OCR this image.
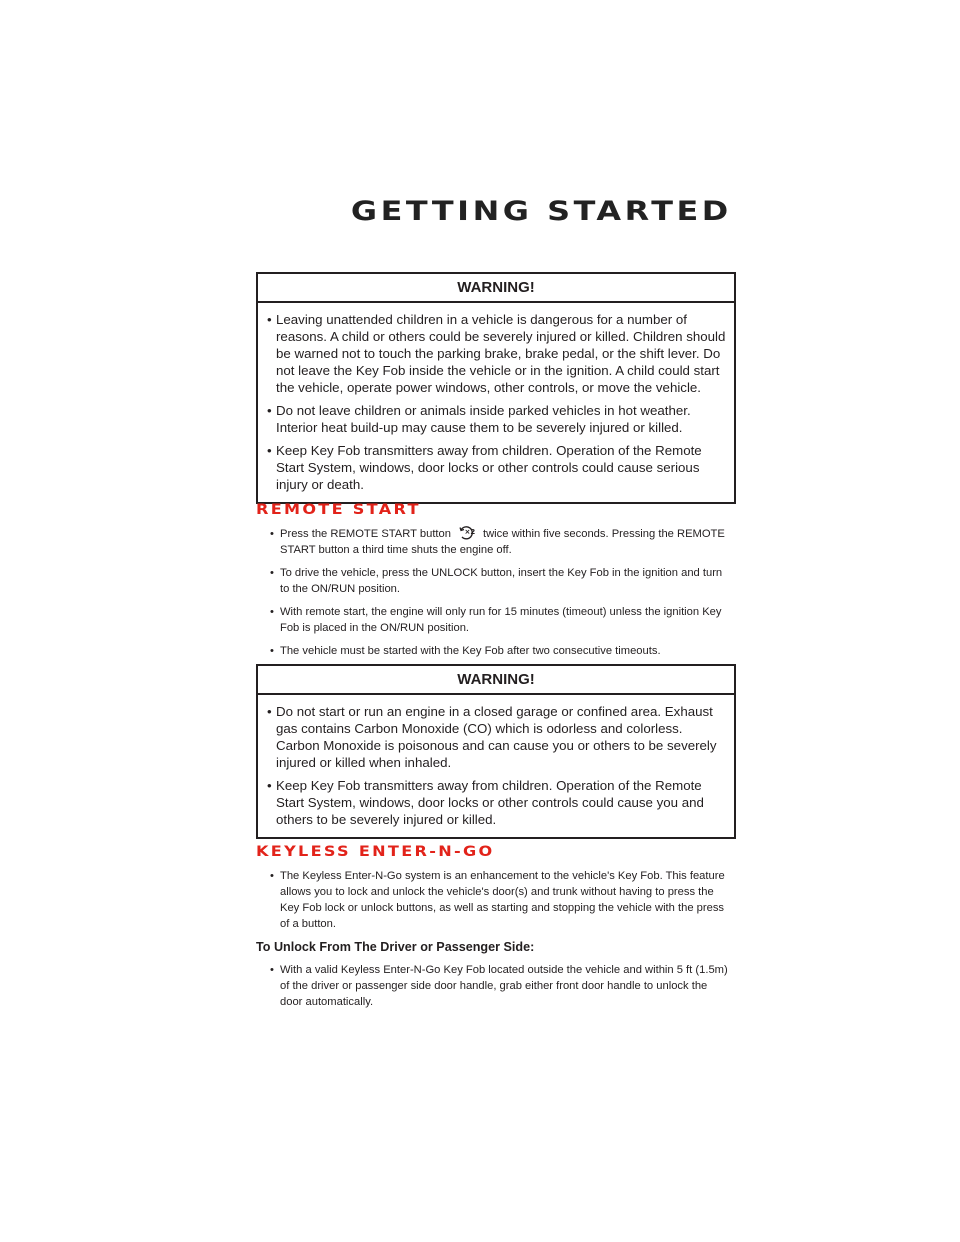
GETTING STARTED
WARNING!
• Leaving unattended children in a vehicle is dangerous for a number of reasons. A child or others could be severely injured or killed. Children should be warned not to touch the parking brake, brake pedal, or the shift lever. Do not leave the Key Fob inside the vehicle or in the ignition. A child could start the vehicle, operate power windows, other controls, or move the vehicle.
• Do not leave children or animals inside parked vehicles in hot weather. Interior heat build-up may cause them to be severely injured or killed.
• Keep Key Fob transmitters away from children. Operation of the Remote Start System, windows, door locks or other controls could cause serious injury or death.
REMOTE START
• Press the REMOTE START button ×2 twice within five seconds. Pressing the REMOTE START button a third time shuts the engine off.
• To drive the vehicle, press the UNLOCK button, insert the Key Fob in the ignition and turn to the ON/RUN position.
• With remote start, the engine will only run for 15 minutes (timeout) unless the ignition Key Fob is placed in the ON/RUN position.
• The vehicle must be started with the Key Fob after two consecutive timeouts.
WARNING!
• Do not start or run an engine in a closed garage or confined area. Exhaust gas contains Carbon Monoxide (CO) which is odorless and colorless. Carbon Monoxide is poisonous and can cause you or others to be severely injured or killed when inhaled.
• Keep Key Fob transmitters away from children. Operation of the Remote Start System, windows, door locks or other controls could cause you and others to be severely injured or killed.
KEYLESS ENTER-N-GO
• The Keyless Enter-N-Go system is an enhancement to the vehicle's Key Fob. This feature allows you to lock and unlock the vehicle's door(s) and trunk without having to press the Key Fob lock or unlock buttons, as well as starting and stopping the vehicle with the press of a button.
To Unlock From The Driver or Passenger Side:
• With a valid Keyless Enter-N-Go Key Fob located outside the vehicle and within 5 ft (1.5m) of the driver or passenger side door handle, grab either front door handle to unlock the door automatically.
